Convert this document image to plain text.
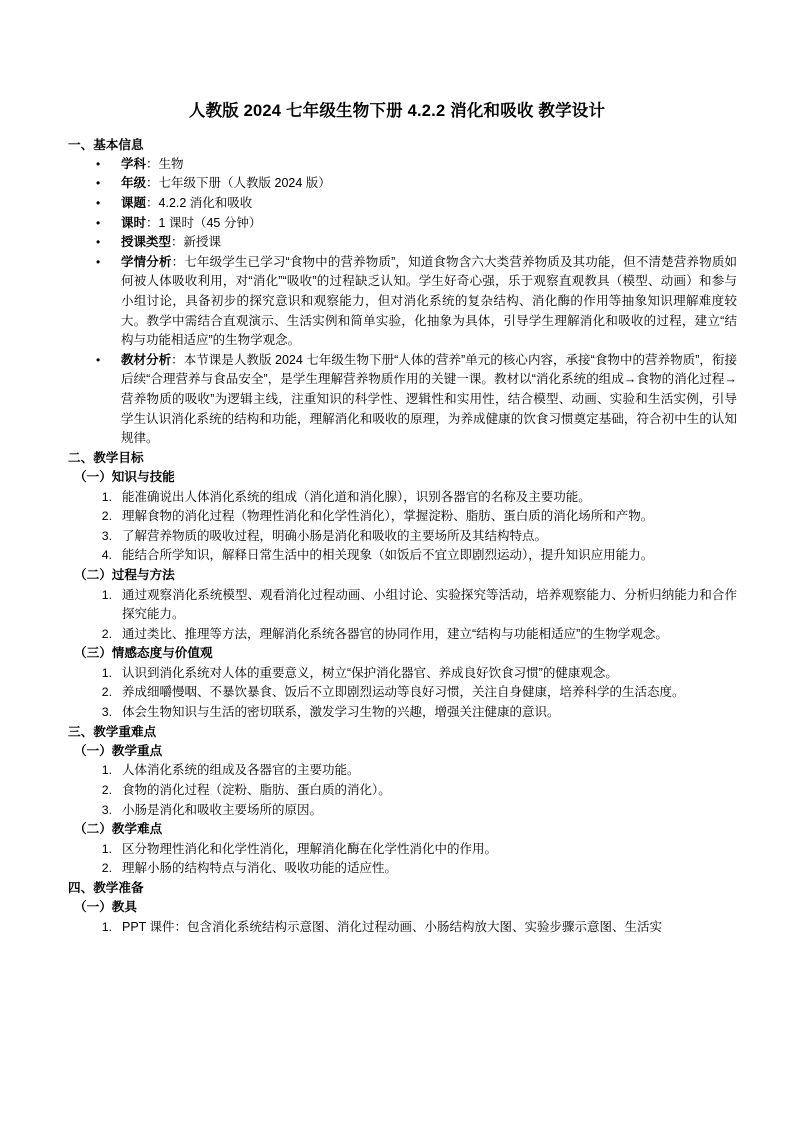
人教版 2024 七年级生物下册 4.2.2 消化和吸收 教学设计
一、基本信息
• 学科：生物
• 年级：七年级下册（人教版 2024 版）
• 课题：4.2.2 消化和吸收
• 课时：1 课时（45 分钟）
• 授课类型：新授课
• 学情分析：七年级学生已学习“食物中的营养物质”，知道食物含六大类营养物质及其功能，但不清楚营养物质如何被人体吸收利用，对“消化”“吸收”的过程缺乏认知。学生好奇心强，乐于观察直观教具（模型、动画）和参与小组讨论，具备初步的探究意识和观察能力，但对消化系统的复杂结构、消化酶的作用等抽象知识理解难度较大。教学中需结合直观演示、生活实例和简单实验，化抽象为具体，引导学生理解消化和吸收的过程，建立“结构与功能相适应”的生物学观念。
• 教材分析：本节课是人教版 2024 七年级生物下册“人体的营养”单元的核心内容，承接“食物中的营养物质”，衔接后续“合理营养与食品安全”，是学生理解营养物质作用的关键一课。教材以“消化系统的组成→食物的消化过程→营养物质的吸收”为逻辑主线，注重知识的科学性、逻辑性和实用性，结合模型、动画、实验和生活实例，引导学生认识消化系统的结构和功能，理解消化和吸收的原理，为养成健康的饮食习惯奠定基础，符合初中生的认知规律。
二、教学目标
（一）知识与技能
1. 能准确说出人体消化系统的组成（消化道和消化腺），识别各器官的名称及主要功能。
2. 理解食物的消化过程（物理性消化和化学性消化），掌握淀粉、脂肪、蛋白质的消化场所和产物。
3. 了解营养物质的吸收过程，明确小肠是消化和吸收的主要场所及其结构特点。
4. 能结合所学知识，解释日常生活中的相关现象（如饭后不宜立即剧烈运动），提升知识应用能力。
（二）过程与方法
1. 通过观察消化系统模型、观看消化过程动画、小组讨论、实验探究等活动，培养观察能力、分析归纳能力和合作探究能力。
2. 通过类比、推理等方法，理解消化系统各器官的协同作用，建立“结构与功能相适应”的生物学观念。
（三）情感态度与价值观
1. 认识到消化系统对人体的重要意义，树立“保护消化器官、养成良好饮食习惯”的健康观念。
2. 养成细嚼慢咽、不暴饮暴食、饭后不立即剧烈运动等良好习惯，关注自身健康，培养科学的生活态度。
3. 体会生物知识与生活的密切联系，激发学习生物的兴趣，增强关注健康的意识。
三、教学重难点
（一）教学重点
1. 人体消化系统的组成及各器官的主要功能。
2. 食物的消化过程（淀粉、脂肪、蛋白质的消化）。
3. 小肠是消化和吸收主要场所的原因。
（二）教学难点
1. 区分物理性消化和化学性消化，理解消化酶在化学性消化中的作用。
2. 理解小肠的结构特点与消化、吸收功能的适应性。
四、教学准备
（一）教具
1. PPT 课件：包含消化系统结构示意图、消化过程动画、小肠结构放大图、实验步骤示意图、生活实
